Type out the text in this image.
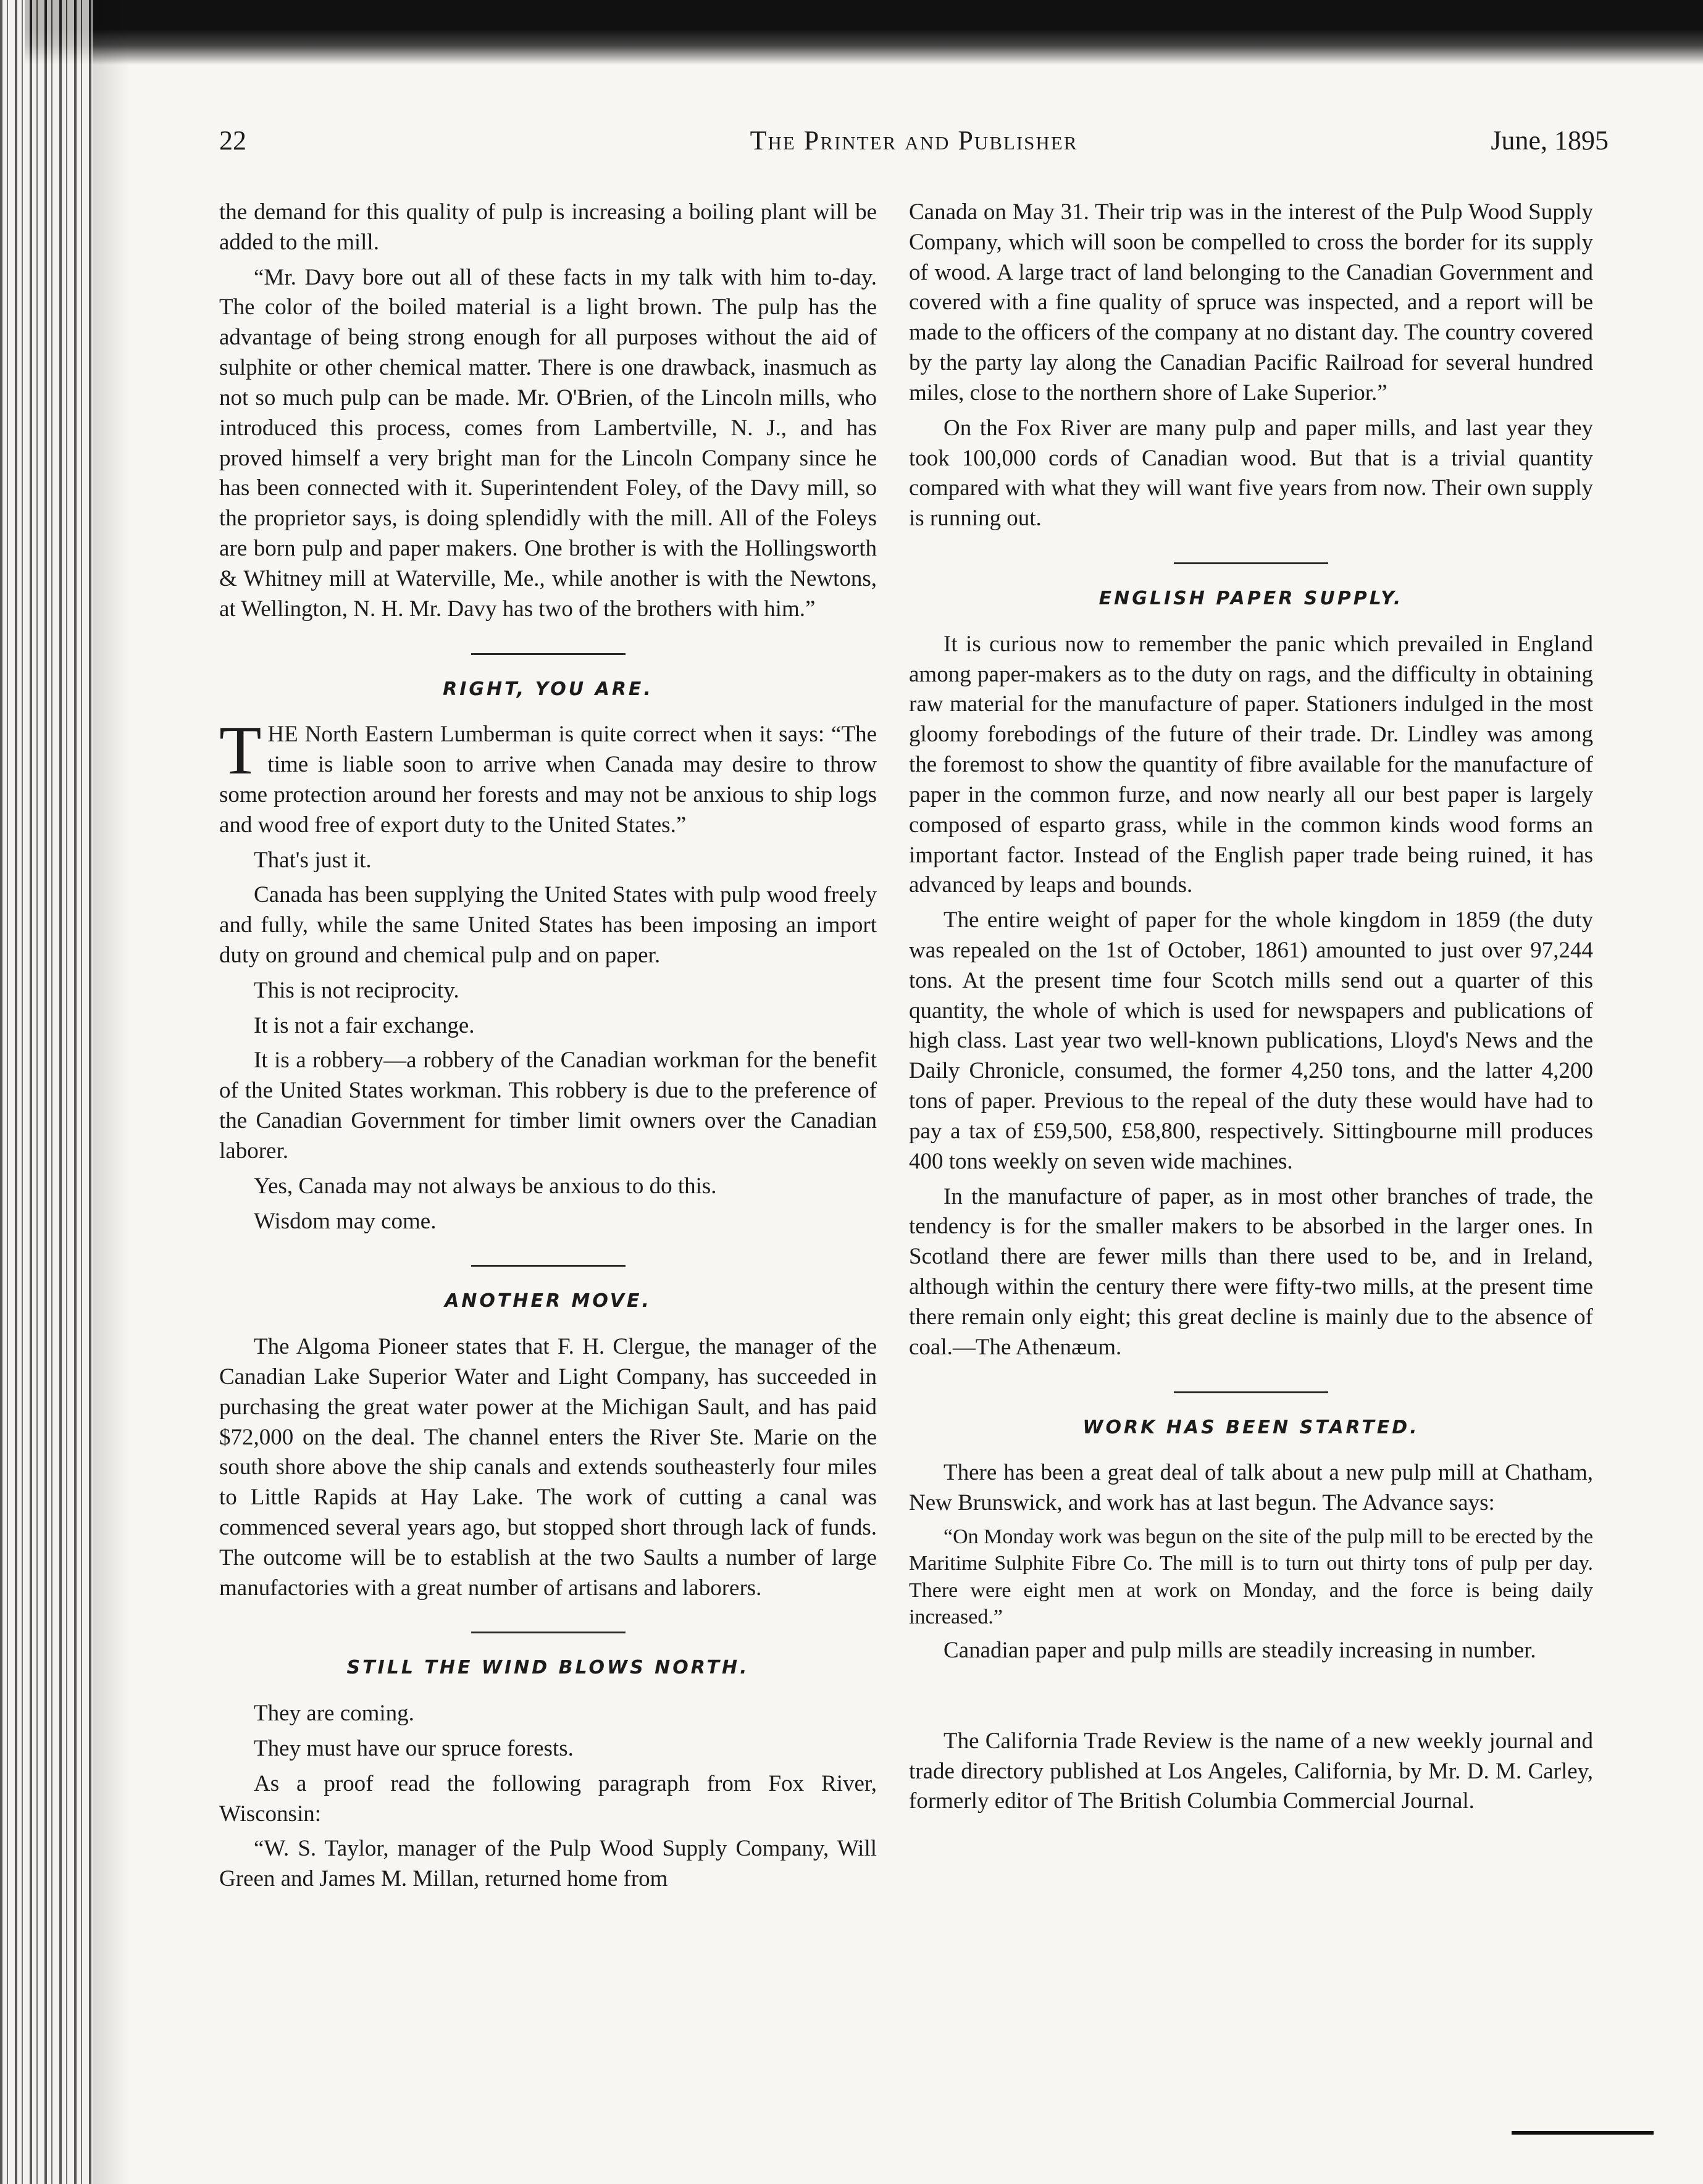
22	The Printer and Publisher	June, 1895

the demand for this quality of pulp is increasing a boiling plant will be added to the mill.

“Mr. Davy bore out all of these facts in my talk with him to-day. The color of the boiled material is a light brown. The pulp has the advantage of being strong enough for all purposes without the aid of sulphite or other chemical matter. There is one drawback, inasmuch as not so much pulp can be made. Mr. O'Brien, of the Lincoln mills, who introduced this process, comes from Lambertville, N. J., and has proved himself a very bright man for the Lincoln Company since he has been connected with it. Superintendent Foley, of the Davy mill, so the proprietor says, is doing splendidly with the mill. All of the Foleys are born pulp and paper makers. One brother is with the Hollingsworth & Whitney mill at Waterville, Me., while another is with the Newtons, at Wellington, N. H. Mr. Davy has two of the brothers with him.”

RIGHT, YOU ARE.

THE North Eastern Lumberman is quite correct when it says: “The time is liable soon to arrive when Canada may desire to throw some protection around her forests and may not be anxious to ship logs and wood free of export duty to the United States.”

That's just it.

Canada has been supplying the United States with pulp wood freely and fully, while the same United States has been imposing an import duty on ground and chemical pulp and on paper.

This is not reciprocity.

It is not a fair exchange.

It is a robbery—a robbery of the Canadian workman for the benefit of the United States workman. This robbery is due to the preference of the Canadian Government for timber limit owners over the Canadian laborer.

Yes, Canada may not always be anxious to do this.

Wisdom may come.

ANOTHER MOVE.

The Algoma Pioneer states that F. H. Clergue, the manager of the Canadian Lake Superior Water and Light Company, has succeeded in purchasing the great water power at the Michigan Sault, and has paid $72,000 on the deal. The channel enters the River Ste. Marie on the south shore above the ship canals and extends southeasterly four miles to Little Rapids at Hay Lake. The work of cutting a canal was commenced several years ago, but stopped short through lack of funds. The outcome will be to establish at the two Saults a number of large manufactories with a great number of artisans and laborers.

STILL THE WIND BLOWS NORTH.

They are coming.

They must have our spruce forests.

As a proof read the following paragraph from Fox River, Wisconsin:

“W. S. Taylor, manager of the Pulp Wood Supply Company, Will Green and James M. Millan, returned home from

Canada on May 31. Their trip was in the interest of the Pulp Wood Supply Company, which will soon be compelled to cross the border for its supply of wood. A large tract of land belonging to the Canadian Government and covered with a fine quality of spruce was inspected, and a report will be made to the officers of the company at no distant day. The country covered by the party lay along the Canadian Pacific Railroad for several hundred miles, close to the northern shore of Lake Superior.”

On the Fox River are many pulp and paper mills, and last year they took 100,000 cords of Canadian wood. But that is a trivial quantity compared with what they will want five years from now. Their own supply is running out.

ENGLISH PAPER SUPPLY.

It is curious now to remember the panic which prevailed in England among paper-makers as to the duty on rags, and the difficulty in obtaining raw material for the manufacture of paper. Stationers indulged in the most gloomy forebodings of the future of their trade. Dr. Lindley was among the foremost to show the quantity of fibre available for the manufacture of paper in the common furze, and now nearly all our best paper is largely composed of esparto grass, while in the common kinds wood forms an important factor. Instead of the English paper trade being ruined, it has advanced by leaps and bounds.

The entire weight of paper for the whole kingdom in 1859 (the duty was repealed on the 1st of October, 1861) amounted to just over 97,244 tons. At the present time four Scotch mills send out a quarter of this quantity, the whole of which is used for newspapers and publications of high class. Last year two well-known publications, Lloyd's News and the Daily Chronicle, consumed, the former 4,250 tons, and the latter 4,200 tons of paper. Previous to the repeal of the duty these would have had to pay a tax of £59,500, £58,800, respectively. Sittingbourne mill produces 400 tons weekly on seven wide machines.

In the manufacture of paper, as in most other branches of trade, the tendency is for the smaller makers to be absorbed in the larger ones. In Scotland there are fewer mills than there used to be, and in Ireland, although within the century there were fifty-two mills, at the present time there remain only eight; this great decline is mainly due to the absence of coal.—The Athenæum.

WORK HAS BEEN STARTED.

There has been a great deal of talk about a new pulp mill at Chatham, New Brunswick, and work has at last begun. The Advance says:

“On Monday work was begun on the site of the pulp mill to be erected by the Maritime Sulphite Fibre Co. The mill is to turn out thirty tons of pulp per day. There were eight men at work on Monday, and the force is being daily increased.”

Canadian paper and pulp mills are steadily increasing in number.

The California Trade Review is the name of a new weekly journal and trade directory published at Los Angeles, California, by Mr. D. M. Carley, formerly editor of The British Columbia Commercial Journal.
